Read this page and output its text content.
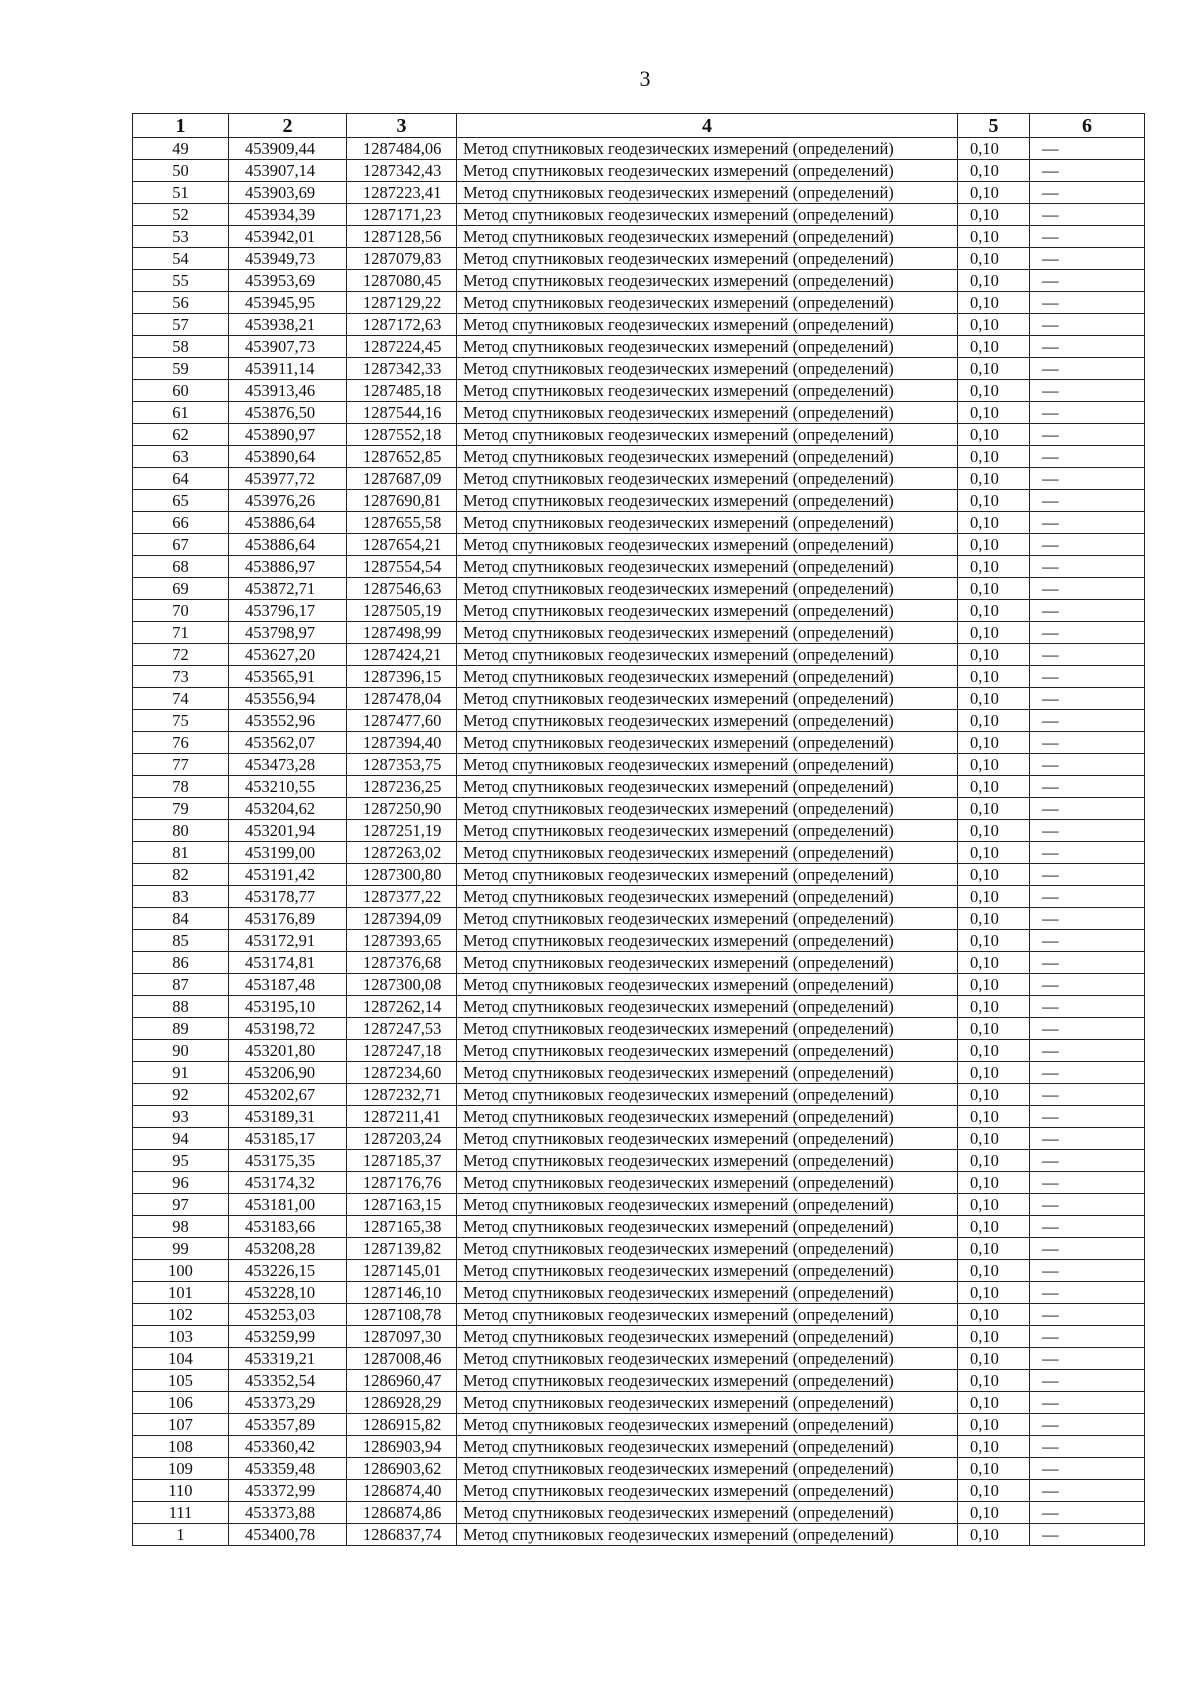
3
1	2	3	4	5	6
49	453909,44	1287484,06	Метод спутниковых геодезических измерений (определений)	0,10	—
50	453907,14	1287342,43	Метод спутниковых геодезических измерений (определений)	0,10	—
51	453903,69	1287223,41	Метод спутниковых геодезических измерений (определений)	0,10	—
52	453934,39	1287171,23	Метод спутниковых геодезических измерений (определений)	0,10	—
53	453942,01	1287128,56	Метод спутниковых геодезических измерений (определений)	0,10	—
54	453949,73	1287079,83	Метод спутниковых геодезических измерений (определений)	0,10	—
55	453953,69	1287080,45	Метод спутниковых геодезических измерений (определений)	0,10	—
56	453945,95	1287129,22	Метод спутниковых геодезических измерений (определений)	0,10	—
57	453938,21	1287172,63	Метод спутниковых геодезических измерений (определений)	0,10	—
58	453907,73	1287224,45	Метод спутниковых геодезических измерений (определений)	0,10	—
59	453911,14	1287342,33	Метод спутниковых геодезических измерений (определений)	0,10	—
60	453913,46	1287485,18	Метод спутниковых геодезических измерений (определений)	0,10	—
61	453876,50	1287544,16	Метод спутниковых геодезических измерений (определений)	0,10	—
62	453890,97	1287552,18	Метод спутниковых геодезических измерений (определений)	0,10	—
63	453890,64	1287652,85	Метод спутниковых геодезических измерений (определений)	0,10	—
64	453977,72	1287687,09	Метод спутниковых геодезических измерений (определений)	0,10	—
65	453976,26	1287690,81	Метод спутниковых геодезических измерений (определений)	0,10	—
66	453886,64	1287655,58	Метод спутниковых геодезических измерений (определений)	0,10	—
67	453886,64	1287654,21	Метод спутниковых геодезических измерений (определений)	0,10	—
68	453886,97	1287554,54	Метод спутниковых геодезических измерений (определений)	0,10	—
69	453872,71	1287546,63	Метод спутниковых геодезических измерений (определений)	0,10	—
70	453796,17	1287505,19	Метод спутниковых геодезических измерений (определений)	0,10	—
71	453798,97	1287498,99	Метод спутниковых геодезических измерений (определений)	0,10	—
72	453627,20	1287424,21	Метод спутниковых геодезических измерений (определений)	0,10	—
73	453565,91	1287396,15	Метод спутниковых геодезических измерений (определений)	0,10	—
74	453556,94	1287478,04	Метод спутниковых геодезических измерений (определений)	0,10	—
75	453552,96	1287477,60	Метод спутниковых геодезических измерений (определений)	0,10	—
76	453562,07	1287394,40	Метод спутниковых геодезических измерений (определений)	0,10	—
77	453473,28	1287353,75	Метод спутниковых геодезических измерений (определений)	0,10	—
78	453210,55	1287236,25	Метод спутниковых геодезических измерений (определений)	0,10	—
79	453204,62	1287250,90	Метод спутниковых геодезических измерений (определений)	0,10	—
80	453201,94	1287251,19	Метод спутниковых геодезических измерений (определений)	0,10	—
81	453199,00	1287263,02	Метод спутниковых геодезических измерений (определений)	0,10	—
82	453191,42	1287300,80	Метод спутниковых геодезических измерений (определений)	0,10	—
83	453178,77	1287377,22	Метод спутниковых геодезических измерений (определений)	0,10	—
84	453176,89	1287394,09	Метод спутниковых геодезических измерений (определений)	0,10	—
85	453172,91	1287393,65	Метод спутниковых геодезических измерений (определений)	0,10	—
86	453174,81	1287376,68	Метод спутниковых геодезических измерений (определений)	0,10	—
87	453187,48	1287300,08	Метод спутниковых геодезических измерений (определений)	0,10	—
88	453195,10	1287262,14	Метод спутниковых геодезических измерений (определений)	0,10	—
89	453198,72	1287247,53	Метод спутниковых геодезических измерений (определений)	0,10	—
90	453201,80	1287247,18	Метод спутниковых геодезических измерений (определений)	0,10	—
91	453206,90	1287234,60	Метод спутниковых геодезических измерений (определений)	0,10	—
92	453202,67	1287232,71	Метод спутниковых геодезических измерений (определений)	0,10	—
93	453189,31	1287211,41	Метод спутниковых геодезических измерений (определений)	0,10	—
94	453185,17	1287203,24	Метод спутниковых геодезических измерений (определений)	0,10	—
95	453175,35	1287185,37	Метод спутниковых геодезических измерений (определений)	0,10	—
96	453174,32	1287176,76	Метод спутниковых геодезических измерений (определений)	0,10	—
97	453181,00	1287163,15	Метод спутниковых геодезических измерений (определений)	0,10	—
98	453183,66	1287165,38	Метод спутниковых геодезических измерений (определений)	0,10	—
99	453208,28	1287139,82	Метод спутниковых геодезических измерений (определений)	0,10	—
100	453226,15	1287145,01	Метод спутниковых геодезических измерений (определений)	0,10	—
101	453228,10	1287146,10	Метод спутниковых геодезических измерений (определений)	0,10	—
102	453253,03	1287108,78	Метод спутниковых геодезических измерений (определений)	0,10	—
103	453259,99	1287097,30	Метод спутниковых геодезических измерений (определений)	0,10	—
104	453319,21	1287008,46	Метод спутниковых геодезических измерений (определений)	0,10	—
105	453352,54	1286960,47	Метод спутниковых геодезических измерений (определений)	0,10	—
106	453373,29	1286928,29	Метод спутниковых геодезических измерений (определений)	0,10	—
107	453357,89	1286915,82	Метод спутниковых геодезических измерений (определений)	0,10	—
108	453360,42	1286903,94	Метод спутниковых геодезических измерений (определений)	0,10	—
109	453359,48	1286903,62	Метод спутниковых геодезических измерений (определений)	0,10	—
110	453372,99	1286874,40	Метод спутниковых геодезических измерений (определений)	0,10	—
111	453373,88	1286874,86	Метод спутниковых геодезических измерений (определений)	0,10	—
1	453400,78	1286837,74	Метод спутниковых геодезических измерений (определений)	0,10	—
